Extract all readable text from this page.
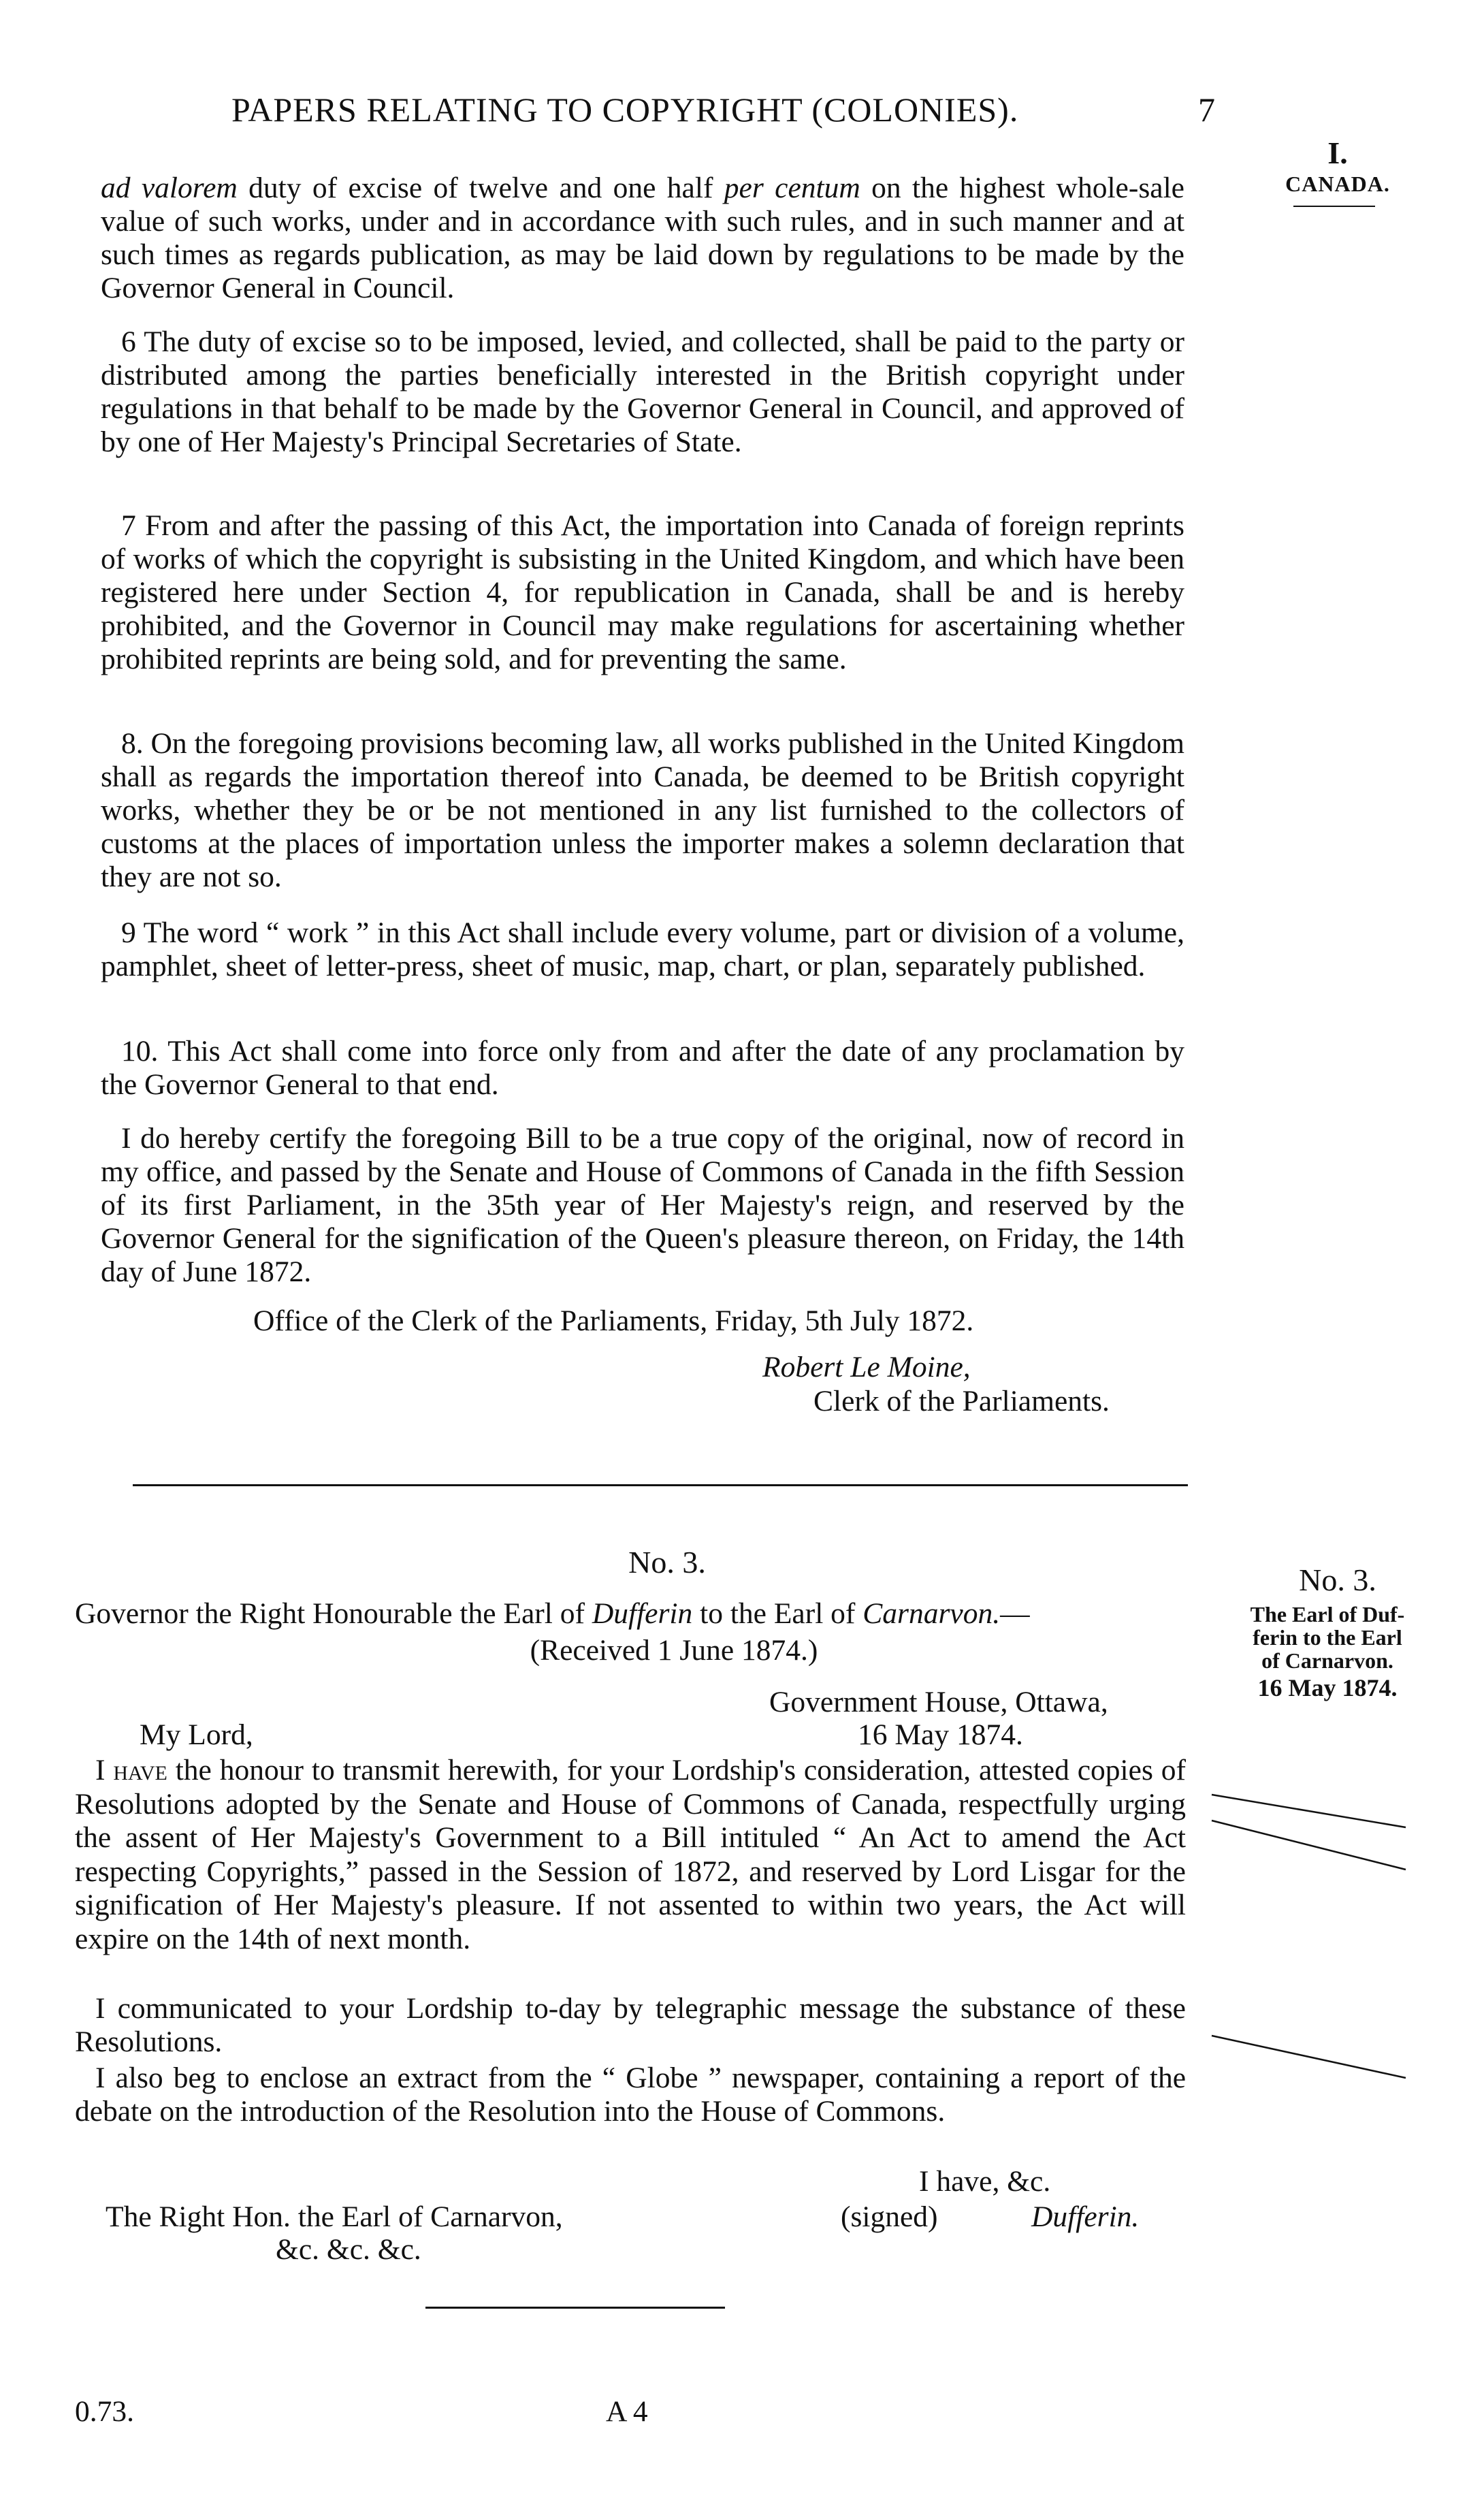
PAPERS RELATING TO COPYRIGHT (COLONIES).	7
I.
CANADA.

ad valorem duty of excise of twelve and one half per centum on the highest whole-sale value of such works, under and in accordance with such rules, and in such manner and at such times as regards publication, as may be laid down by regulations to be made by the Governor General in Council.

6 The duty of excise so to be imposed, levied, and collected, shall be paid to the party or distributed among the parties beneficially interested in the British copyright under regulations in that behalf to be made by the Governor General in Council, and approved of by one of Her Majesty's Principal Secretaries of State.

7 From and after the passing of this Act, the importation into Canada of foreign reprints of works of which the copyright is subsisting in the United Kingdom, and which have been registered here under Section 4, for republication in Canada, shall be and is hereby prohibited, and the Governor in Council may make regulations for ascertaining whether prohibited reprints are being sold, and for preventing the same.

8. On the foregoing provisions becoming law, all works published in the United Kingdom shall as regards the importation thereof into Canada, be deemed to be British copyright works, whether they be or be not mentioned in any list furnished to the collectors of customs at the places of importation unless the importer makes a solemn declaration that they are not so.

9 The word “ work ” in this Act shall include every volume, part or division of a volume, pamphlet, sheet of letter-press, sheet of music, map, chart, or plan, separately published.

10. This Act shall come into force only from and after the date of any proclamation by the Governor General to that end.

I do hereby certify the foregoing Bill to be a true copy of the original, now of record in my office, and passed by the Senate and House of Commons of Canada in the fifth Session of its first Parliament, in the 35th year of Her Majesty's reign, and reserved by the Governor General for the signification of the Queen's pleasure thereon, on Friday, the 14th day of June 1872.

Office of the Clerk of the Parliaments, Friday, 5th July 1872.
Robert Le Moine,
Clerk of the Parliaments.
No. 3.
The Earl of Duf-
ferin to the Earl
of Carnarvon.
16 May 1874.
No. 3.
Governor the Right Honourable the Earl of Dufferin to the Earl of Carnarvon.—
(Received 1 June 1874.)
Government House, Ottawa,
16 May 1874.
My Lord,

I have the honour to transmit herewith, for your Lordship's consideration, attested copies of Resolutions adopted by the Senate and House of Commons of Canada, respectfully urging the assent of Her Majesty's Government to a Bill intituled “ An Act to amend the Act respecting Copyrights,” passed in the Session of 1872, and reserved by Lord Lisgar for the signification of Her Majesty's pleasure. If not assented to within two years, the Act will expire on the 14th of next month.

I communicated to your Lordship to-day by telegraphic message the substance of these Resolutions.

I also beg to enclose an extract from the “ Globe ” newspaper, containing a report of the debate on the introduction of the Resolution into the House of Commons.

I have, &c.
(signed)	Dufferin.
The Right Hon. the Earl of Carnarvon,
&c. &c. &c.
0.73.	A 4
